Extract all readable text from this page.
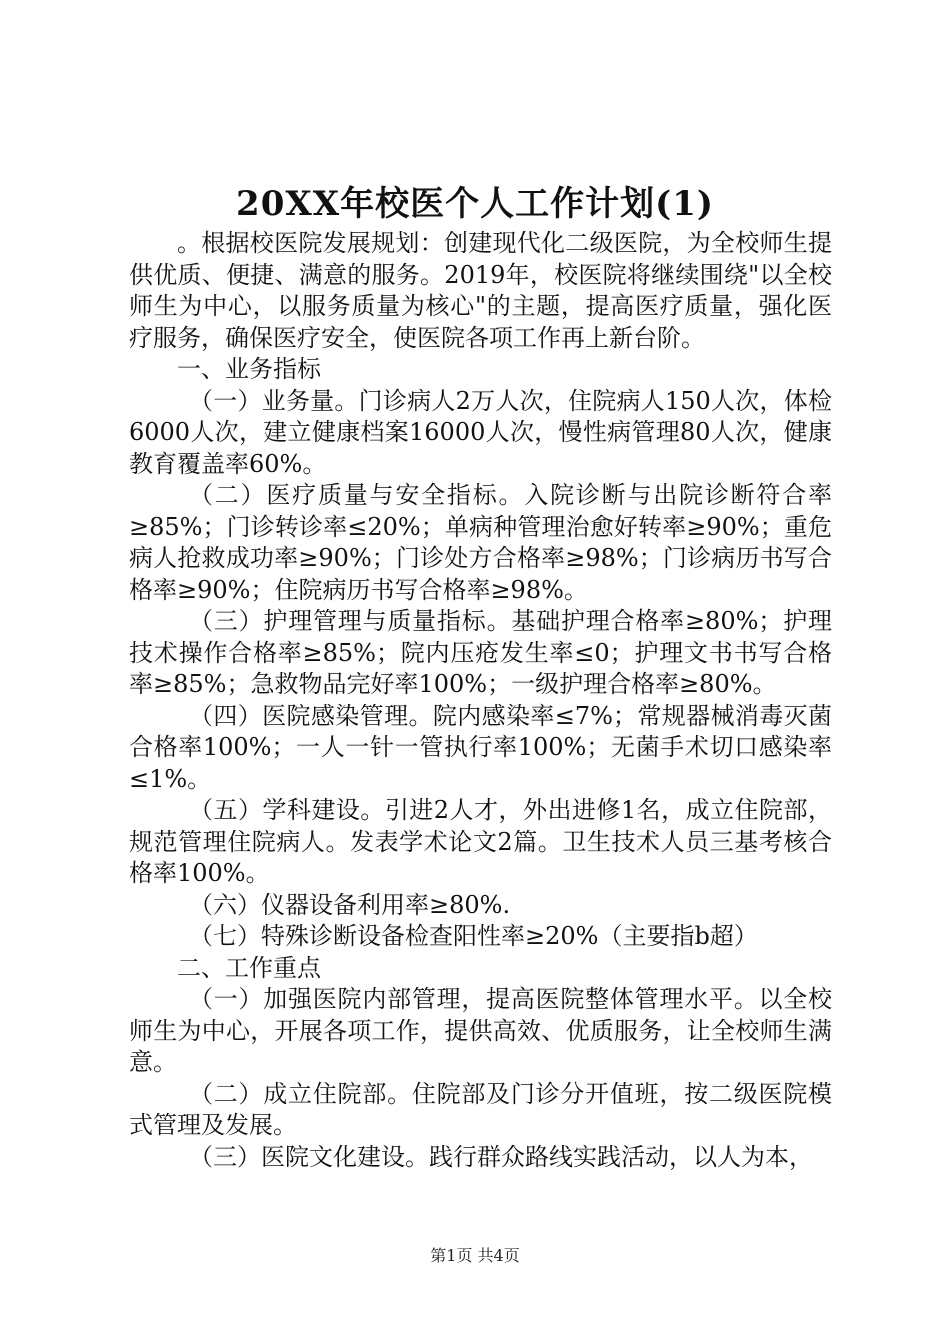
20XX年校医个人工作计划(1)

。根据校医院发展规划：创建现代化二级医院，为全校师生提供优质、便捷、满意的服务。2019年，校医院将继续围绕"以全校师生为中心，以服务质量为核心"的主题，提高医疗质量，强化医疗服务，确保医疗安全，使医院各项工作再上新台阶。

一、业务指标

（一）业务量。门诊病人2万人次，住院病人150人次，体检6000人次，建立健康档案16000人次，慢性病管理80人次，健康教育覆盖率60%。

（二）医疗质量与安全指标。入院诊断与出院诊断符合率≥85%；门诊转诊率≤20%；单病种管理治愈好转率≥90%；重危病人抢救成功率≥90%；门诊处方合格率≥98%；门诊病历书写合格率≥90%；住院病历书写合格率≥98%。

（三）护理管理与质量指标。基础护理合格率≥80%；护理技术操作合格率≥85%；院内压疮发生率≤0；护理文书书写合格率≥85%；急救物品完好率100%；一级护理合格率≥80%。

（四）医院感染管理。院内感染率≤7%；常规器械消毒灭菌合格率100%；一人一针一管执行率100%；无菌手术切口感染率≤1%。

（五）学科建设。引进2人才，外出进修1名，成立住院部，规范管理住院病人。发表学术论文2篇。卫生技术人员三基考核合格率100%。

（六）仪器设备利用率≥80%.

（七）特殊诊断设备检查阳性率≥20%（主要指b超）

二、工作重点

（一）加强医院内部管理，提高医院整体管理水平。以全校师生为中心，开展各项工作，提供高效、优质服务，让全校师生满意。

（二）成立住院部。住院部及门诊分开值班，按二级医院模式管理及发展。

（三）医院文化建设。践行群众路线实践活动，以人为本，

第1页 共4页
